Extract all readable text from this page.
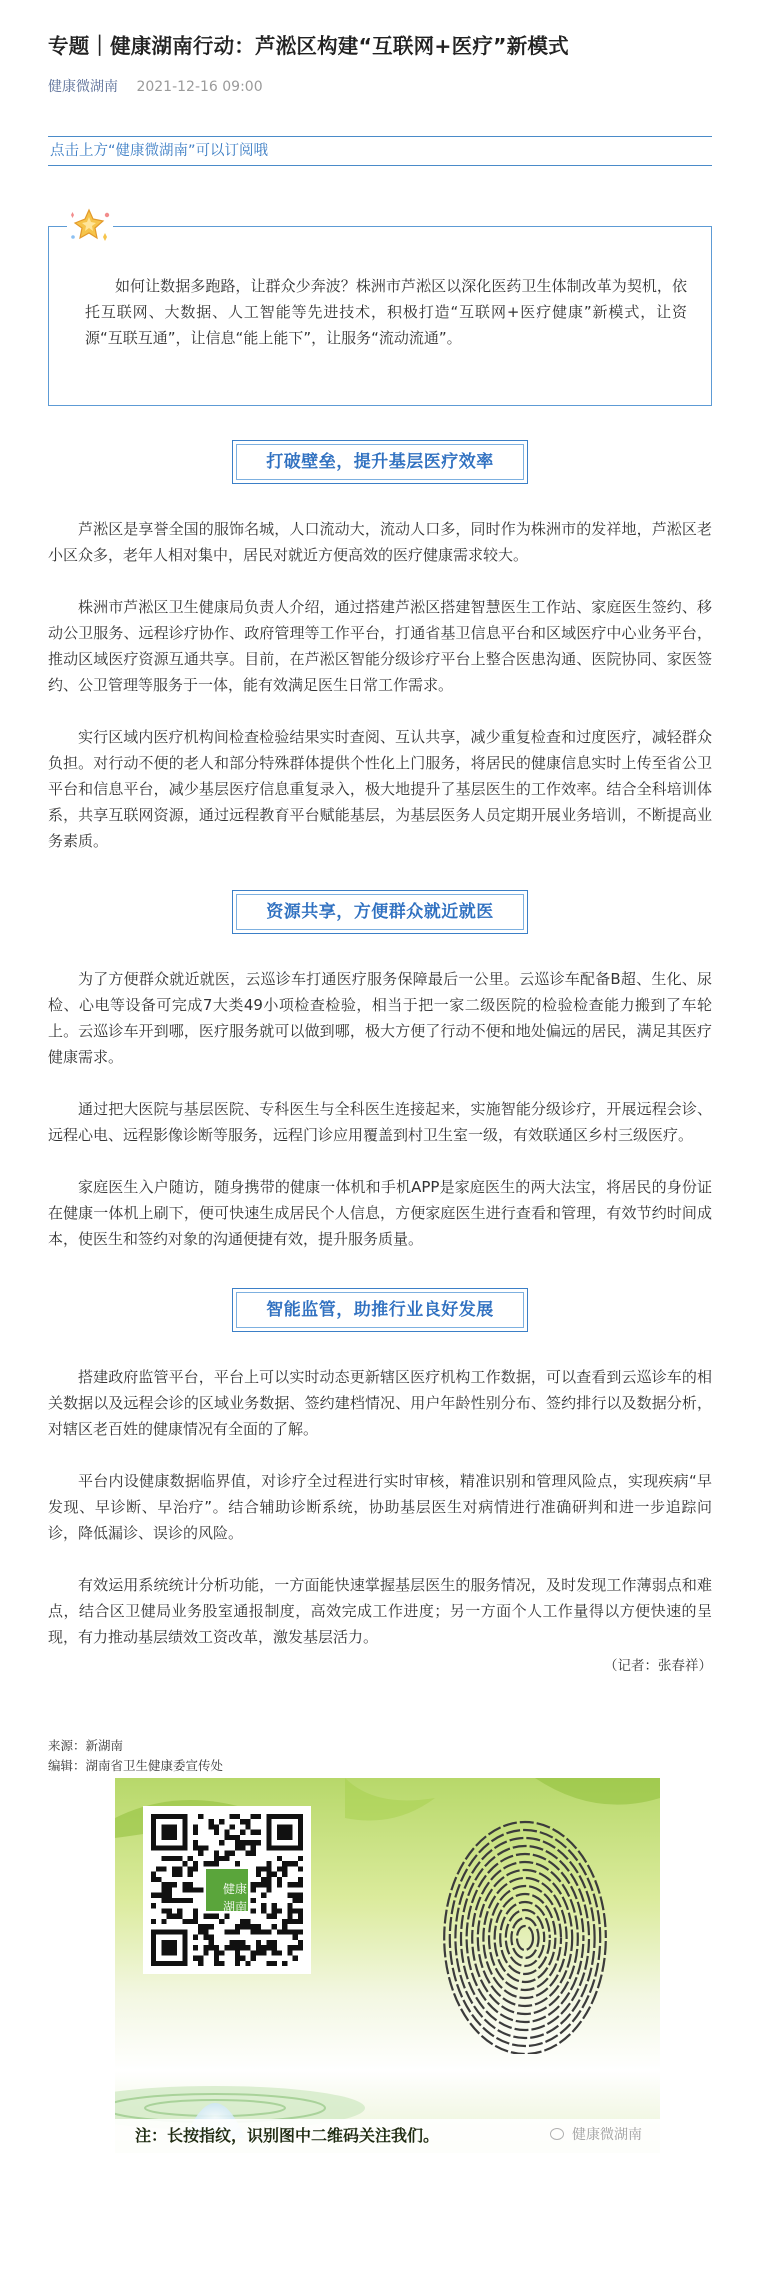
专题｜健康湖南行动：芦淞区构建“互联网+医疗”新模式
健康微湖南 2021-12-16 09:00
点击上方“健康微湖南”可以订阅哦

如何让数据多跑路，让群众少奔波？株洲市芦淞区以深化医药卫生体制改革为契机，依托互联网、大数据、人工智能等先进技术，积极打造“互联网+医疗健康”新模式，让资源“互联互通”，让信息“能上能下”，让服务“流动流通”。

打破壁垒，提升基层医疗效率

芦淞区是享誉全国的服饰名城，人口流动大，流动人口多，同时作为株洲市的发祥地，芦淞区老小区众多，老年人相对集中，居民对就近方便高效的医疗健康需求较大。

株洲市芦淞区卫生健康局负责人介绍，通过搭建芦淞区搭建智慧医生工作站、家庭医生签约、移动公卫服务、远程诊疗协作、政府管理等工作平台，打通省基卫信息平台和区域医疗中心业务平台，推动区域医疗资源互通共享。目前，在芦淞区智能分级诊疗平台上整合医患沟通、医院协同、家医签约、公卫管理等服务于一体，能有效满足医生日常工作需求。

实行区域内医疗机构间检查检验结果实时查阅、互认共享，减少重复检查和过度医疗，减轻群众负担。对行动不便的老人和部分特殊群体提供个性化上门服务，将居民的健康信息实时上传至省公卫平台和信息平台，减少基层医疗信息重复录入，极大地提升了基层医生的工作效率。结合全科培训体系，共享互联网资源，通过远程教育平台赋能基层，为基层医务人员定期开展业务培训，不断提高业务素质。

资源共享，方便群众就近就医

为了方便群众就近就医，云巡诊车打通医疗服务保障最后一公里。云巡诊车配备B超、生化、尿检、心电等设备可完成7大类49小项检查检验，相当于把一家二级医院的检验检查能力搬到了车轮上。云巡诊车开到哪，医疗服务就可以做到哪，极大方便了行动不便和地处偏远的居民，满足其医疗健康需求。

通过把大医院与基层医院、专科医生与全科医生连接起来，实施智能分级诊疗，开展远程会诊、远程心电、远程影像诊断等服务，远程门诊应用覆盖到村卫生室一级，有效联通区乡村三级医疗。

家庭医生入户随访，随身携带的健康一体机和手机APP是家庭医生的两大法宝，将居民的身份证在健康一体机上刷下，便可快速生成居民个人信息，方便家庭医生进行查看和管理，有效节约时间成本，使医生和签约对象的沟通便捷有效，提升服务质量。

智能监管，助推行业良好发展

搭建政府监管平台，平台上可以实时动态更新辖区医疗机构工作数据，可以查看到云巡诊车的相关数据以及远程会诊的区域业务数据、签约建档情况、用户年龄性别分布、签约排行以及数据分析，对辖区老百姓的健康情况有全面的了解。

平台内设健康数据临界值，对诊疗全过程进行实时审核，精准识别和管理风险点，实现疾病“早发现、早诊断、早治疗”。结合辅助诊断系统，协助基层医生对病情进行准确研判和进一步追踪问诊，降低漏诊、误诊的风险。

有效运用系统统计分析功能，一方面能快速掌握基层医生的服务情况，及时发现工作薄弱点和难点，结合区卫健局业务股室通报制度，高效完成工作进度；另一方面个人工作量得以方便快速的呈现，有力推动基层绩效工资改革，激发基层活力。

（记者：张春祥）
来源：新湖南
编辑：湖南省卫生健康委宣传处
健康
湖南
注：长按指纹，识别图中二维码关注我们。	健康微湖南
